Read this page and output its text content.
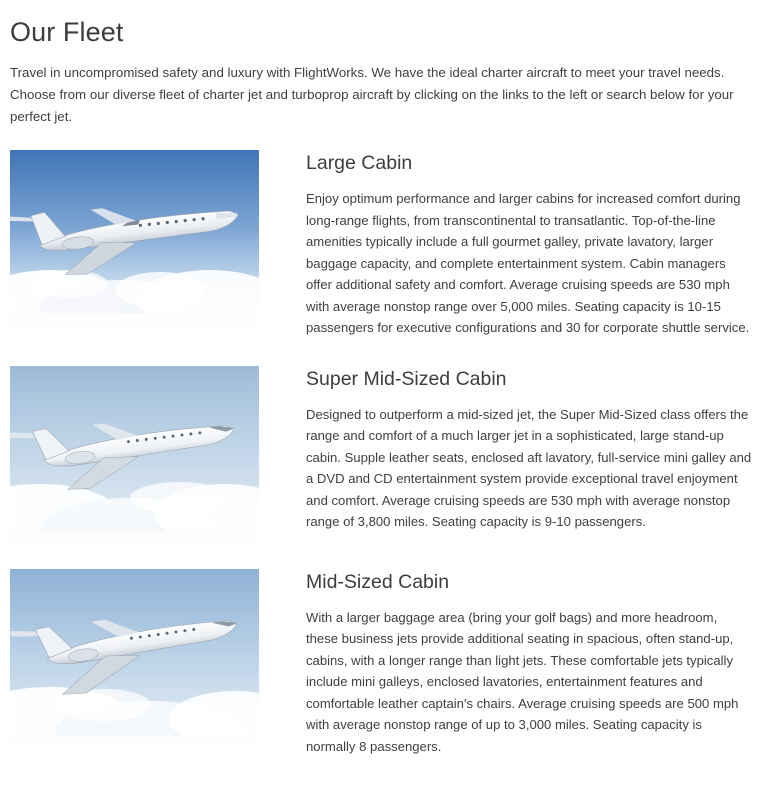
Our Fleet

Travel in uncompromised safety and luxury with FlightWorks. We have the ideal charter aircraft to meet your travel needs. Choose from our diverse fleet of charter jet and turboprop aircraft by clicking on the links to the left or search below for your perfect jet.

Large Cabin

Enjoy optimum performance and larger cabins for increased comfort during long-range flights, from transcontinental to transatlantic. Top-of-the-line amenities typically include a full gourmet galley, private lavatory, larger baggage capacity, and complete entertainment system. Cabin managers offer additional safety and comfort. Average cruising speeds are 530 mph with average nonstop range over 5,000 miles. Seating capacity is 10-15 passengers for executive configurations and 30 for corporate shuttle service.

Super Mid-Sized Cabin

Designed to outperform a mid-sized jet, the Super Mid-Sized class offers the range and comfort of a much larger jet in a sophisticated, large stand-up cabin. Supple leather seats, enclosed aft lavatory, full-service mini galley and a DVD and CD entertainment system provide exceptional travel enjoyment and comfort. Average cruising speeds are 530 mph with average nonstop range of 3,800 miles. Seating capacity is 9-10 passengers.

Mid-Sized Cabin

With a larger baggage area (bring your golf bags) and more headroom, these business jets provide additional seating in spacious, often stand-up, cabins, with a longer range than light jets. These comfortable jets typically include mini galleys, enclosed lavatories, entertainment features and comfortable leather captain's chairs. Average cruising speeds are 500 mph with average nonstop range of up to 3,000 miles. Seating capacity is normally 8 passengers.
